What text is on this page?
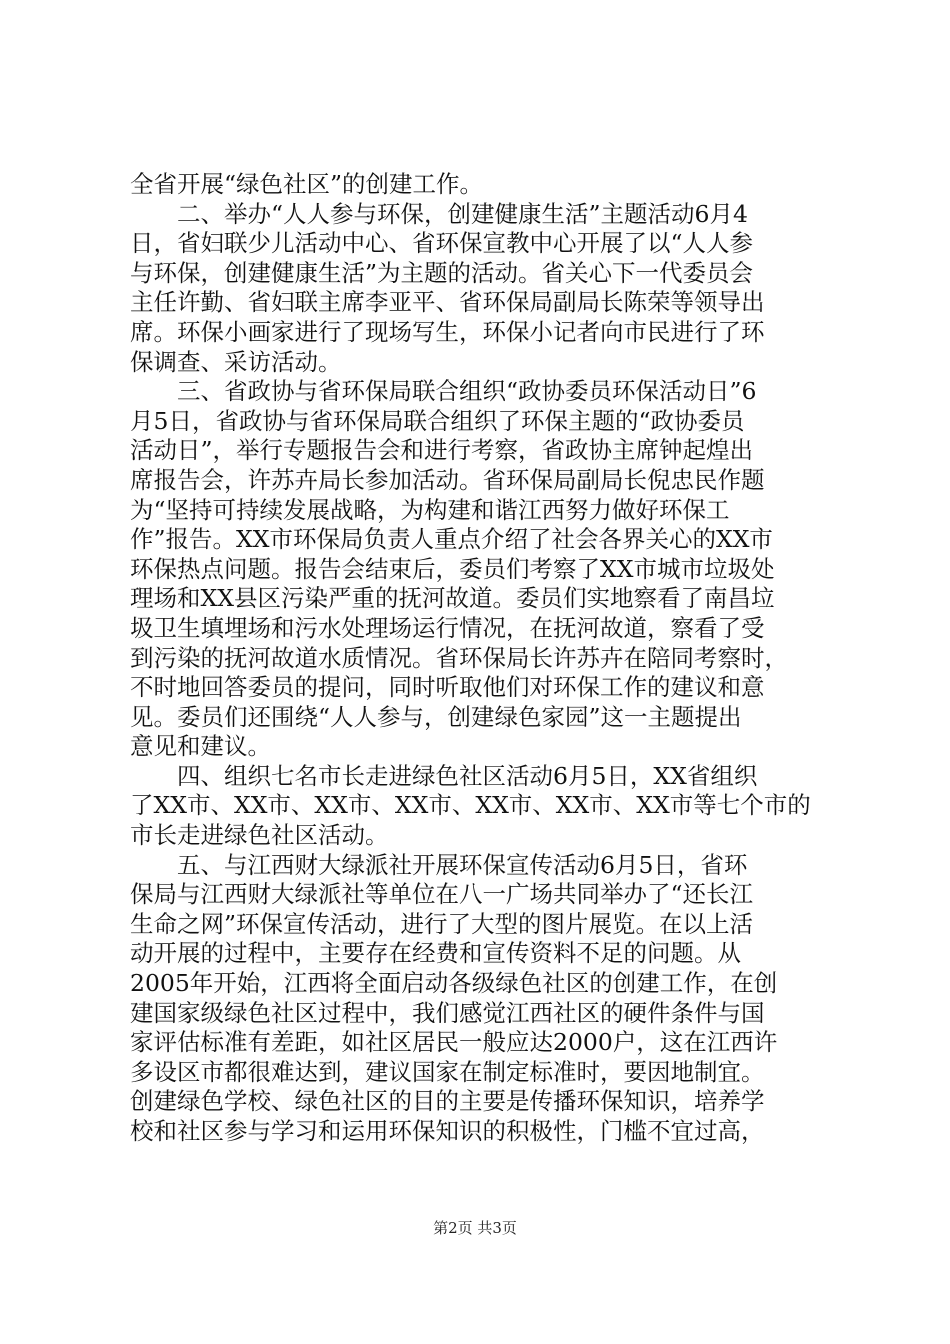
全省开展“绿色社区”的创建工作。
二、举办“人人参与环保，创建健康生活”主题活动6月4
日，省妇联少儿活动中心、省环保宣教中心开展了以“人人参
与环保，创建健康生活”为主题的活动。省关心下一代委员会
主任许勤、省妇联主席李亚平、省环保局副局长陈荣等领导出
席。环保小画家进行了现场写生，环保小记者向市民进行了环
保调查、采访活动。
三、省政协与省环保局联合组织“政协委员环保活动日”6
月5日，省政协与省环保局联合组织了环保主题的“政协委员
活动日”，举行专题报告会和进行考察，省政协主席钟起煌出
席报告会，许苏卉局长参加活动。省环保局副局长倪忠民作题
为“坚持可持续发展战略，为构建和谐江西努力做好环保工
作”报告。XX市环保局负责人重点介绍了社会各界关心的XX市
环保热点问题。报告会结束后，委员们考察了XX市城市垃圾处
理场和XX县区污染严重的抚河故道。委员们实地察看了南昌垃
圾卫生填埋场和污水处理场运行情况，在抚河故道，察看了受
到污染的抚河故道水质情况。省环保局长许苏卉在陪同考察时，
不时地回答委员的提问，同时听取他们对环保工作的建议和意
见。委员们还围绕“人人参与，创建绿色家园”这一主题提出
意见和建议。
四、组织七名市长走进绿色社区活动6月5日，XX省组织
了XX市、XX市、XX市、XX市、XX市、XX市、XX市等七个市的
市长走进绿色社区活动。
五、与江西财大绿派社开展环保宣传活动6月5日，省环
保局与江西财大绿派社等单位在八一广场共同举办了“还长江
生命之网”环保宣传活动，进行了大型的图片展览。在以上活
动开展的过程中，主要存在经费和宣传资料不足的问题。从
2005年开始，江西将全面启动各级绿色社区的创建工作，在创
建国家级绿色社区过程中，我们感觉江西社区的硬件条件与国
家评估标准有差距，如社区居民一般应达2000户，这在江西许
多设区市都很难达到，建议国家在制定标准时，要因地制宜。
创建绿色学校、绿色社区的目的主要是传播环保知识，培养学
校和社区参与学习和运用环保知识的积极性，门槛不宜过高，
第2页 共3页
